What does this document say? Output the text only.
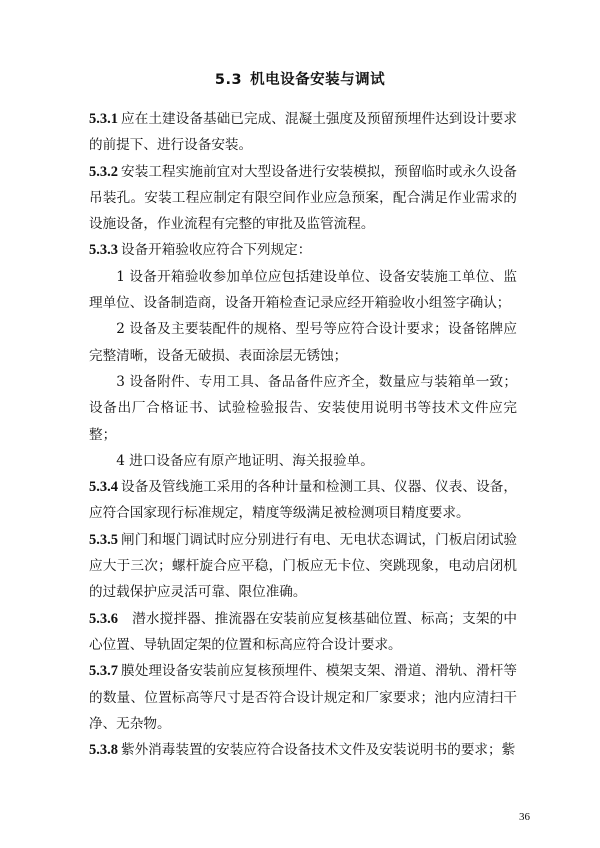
5.3 机电设备安装与调试

5.3.1 应在土建设备基础已完成、混凝土强度及预留预埋件达到设计要求的前提下、进行设备安装。

5.3.2 安装工程实施前宜对大型设备进行安装模拟，预留临时或永久设备吊装孔。安装工程应制定有限空间作业应急预案，配合满足作业需求的设施设备，作业流程有完整的审批及监管流程。

5.3.3 设备开箱验收应符合下列规定：

1 设备开箱验收参加单位应包括建设单位、设备安装施工单位、监理单位、设备制造商，设备开箱检查记录应经开箱验收小组签字确认；

2 设备及主要装配件的规格、型号等应符合设计要求；设备铭牌应完整清晰，设备无破损、表面涂层无锈蚀；

3 设备附件、专用工具、备品备件应齐全，数量应与装箱单一致；设备出厂合格证书、试验检验报告、安装使用说明书等技术文件应完整；

4 进口设备应有原产地证明、海关报验单。

5.3.4 设备及管线施工采用的各种计量和检测工具、仪器、仪表、设备，应符合国家现行标准规定，精度等级满足被检测项目精度要求。

5.3.5 闸门和堰门调试时应分别进行有电、无电状态调试，门板启闭试验应大于三次；螺杆旋合应平稳，门板应无卡位、突跳现象，电动启闭机的过载保护应灵活可靠、限位准确。

5.3.6 潜水搅拌器、推流器在安装前应复核基础位置、标高；支架的中心位置、导轨固定架的位置和标高应符合设计要求。

5.3.7 膜处理设备安装前应复核预埋件、模架支架、滑道、滑轨、滑杆等的数量、位置标高等尺寸是否符合设计规定和厂家要求；池内应清扫干净、无杂物。

5.3.8 紫外消毒装置的安装应符合设备技术文件及安装说明书的要求；紫

36
